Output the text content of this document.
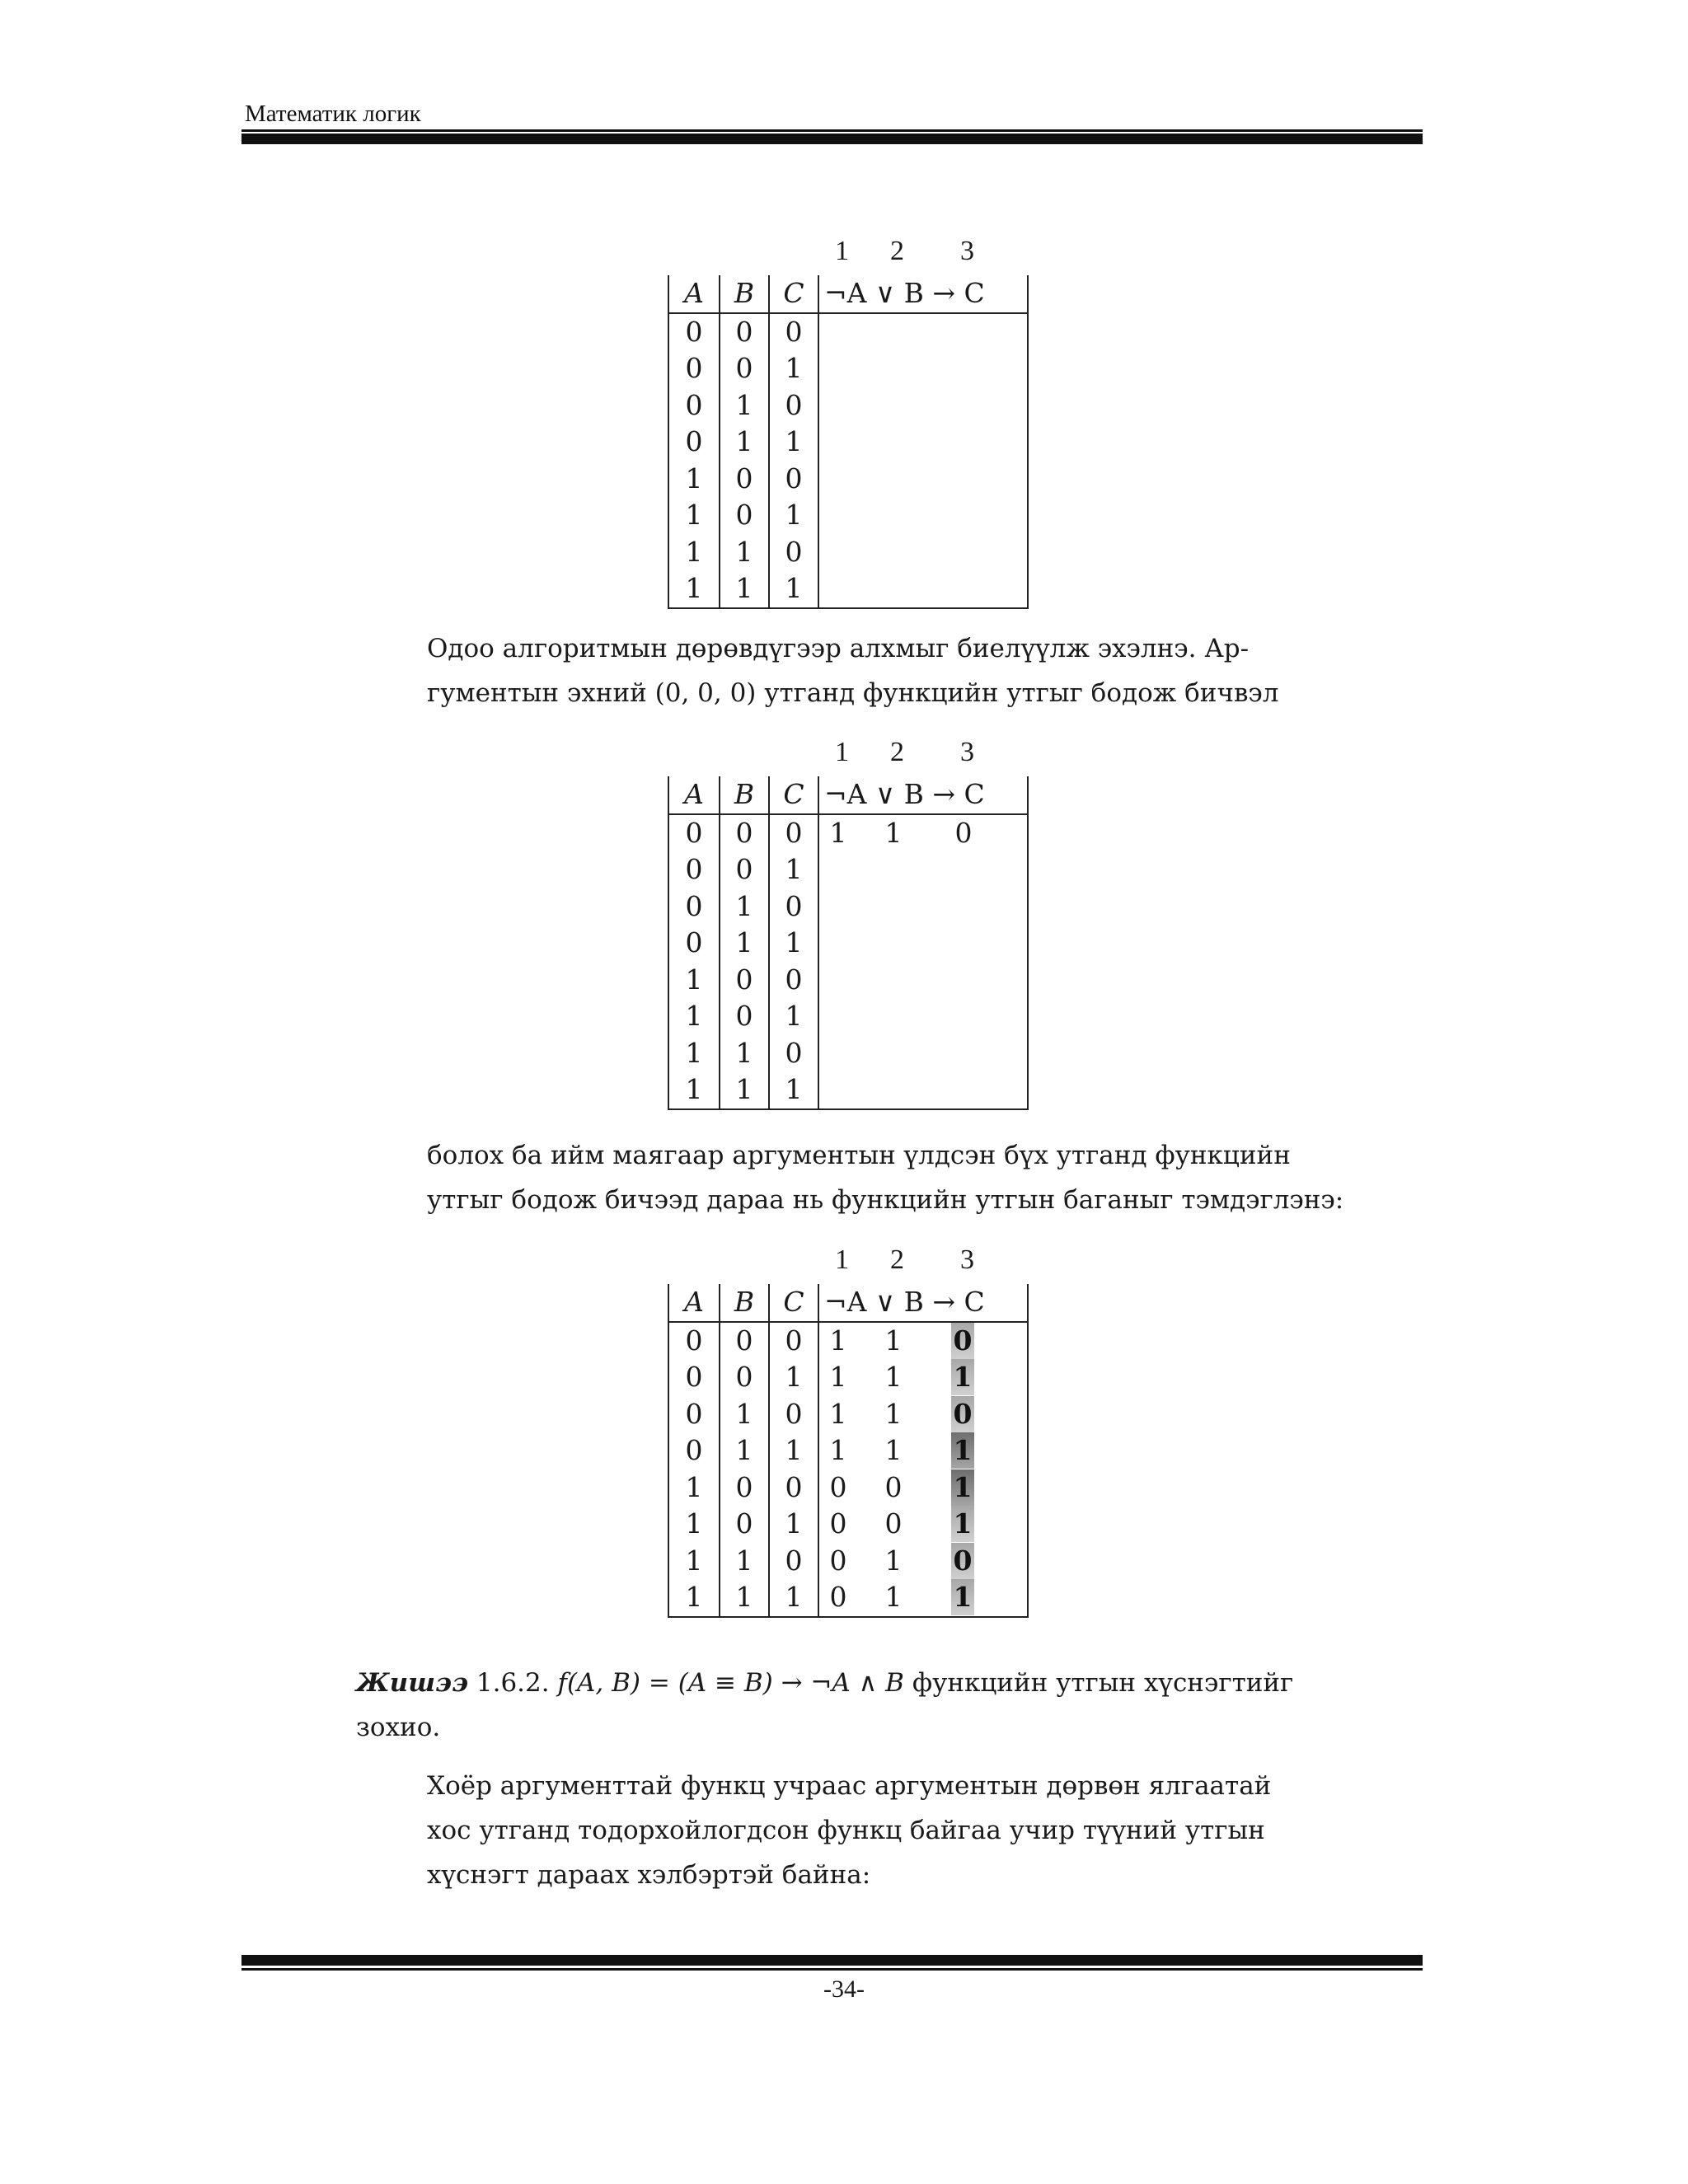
Математик логик
1 2 3
A	B	C	¬A ∨ B → C
0	0	0	
0	0	1	
0	1	0	
0	1	1	
1	0	0	
1	0	1	
1	1	0	
1	1	1	

Одоо алгоритмын дөрөвдүгээр алхмыг биелүүлж эхэлнэ. Ар-

гументын эхний (0, 0, 0) утганд функцийн утгыг бодож бичвэл

1 2 3
A	B	C	¬A ∨ B → C
0	0	0	1 1 0

0	0	1	
0	1	0	
0	1	1	
1	0	0	
1	0	1	
1	1	0	
1	1	1	

болох ба ийм маягаар аргументын үлдсэн бүх утганд функцийн

утгыг бодож бичээд дараа нь функцийн утгын баганыг тэмдэглэнэ:

1 2 3
A	B	C	¬A ∨ B → C
0	0	0	1 1 0

0	0	1	1 1 1

0	1	0	1 1 0

0	1	1	1 1 1

1	0	0	0 0 1

1	0	1	0 0 1

1	1	0	0 1 0

1	1	1	0 1 1
Жишээ 1.6.2. f(A, B) = (A ≡ B) → ¬A ∧ B функцийн утгын хүснэгтийг
зохио.

Хоёр аргументтай функц учраас аргументын дөрвөн ялгаатай

хос утганд тодорхойлогдсон функц байгаа учир түүний утгын

хүснэгт дараах хэлбэртэй байна:

-34-
